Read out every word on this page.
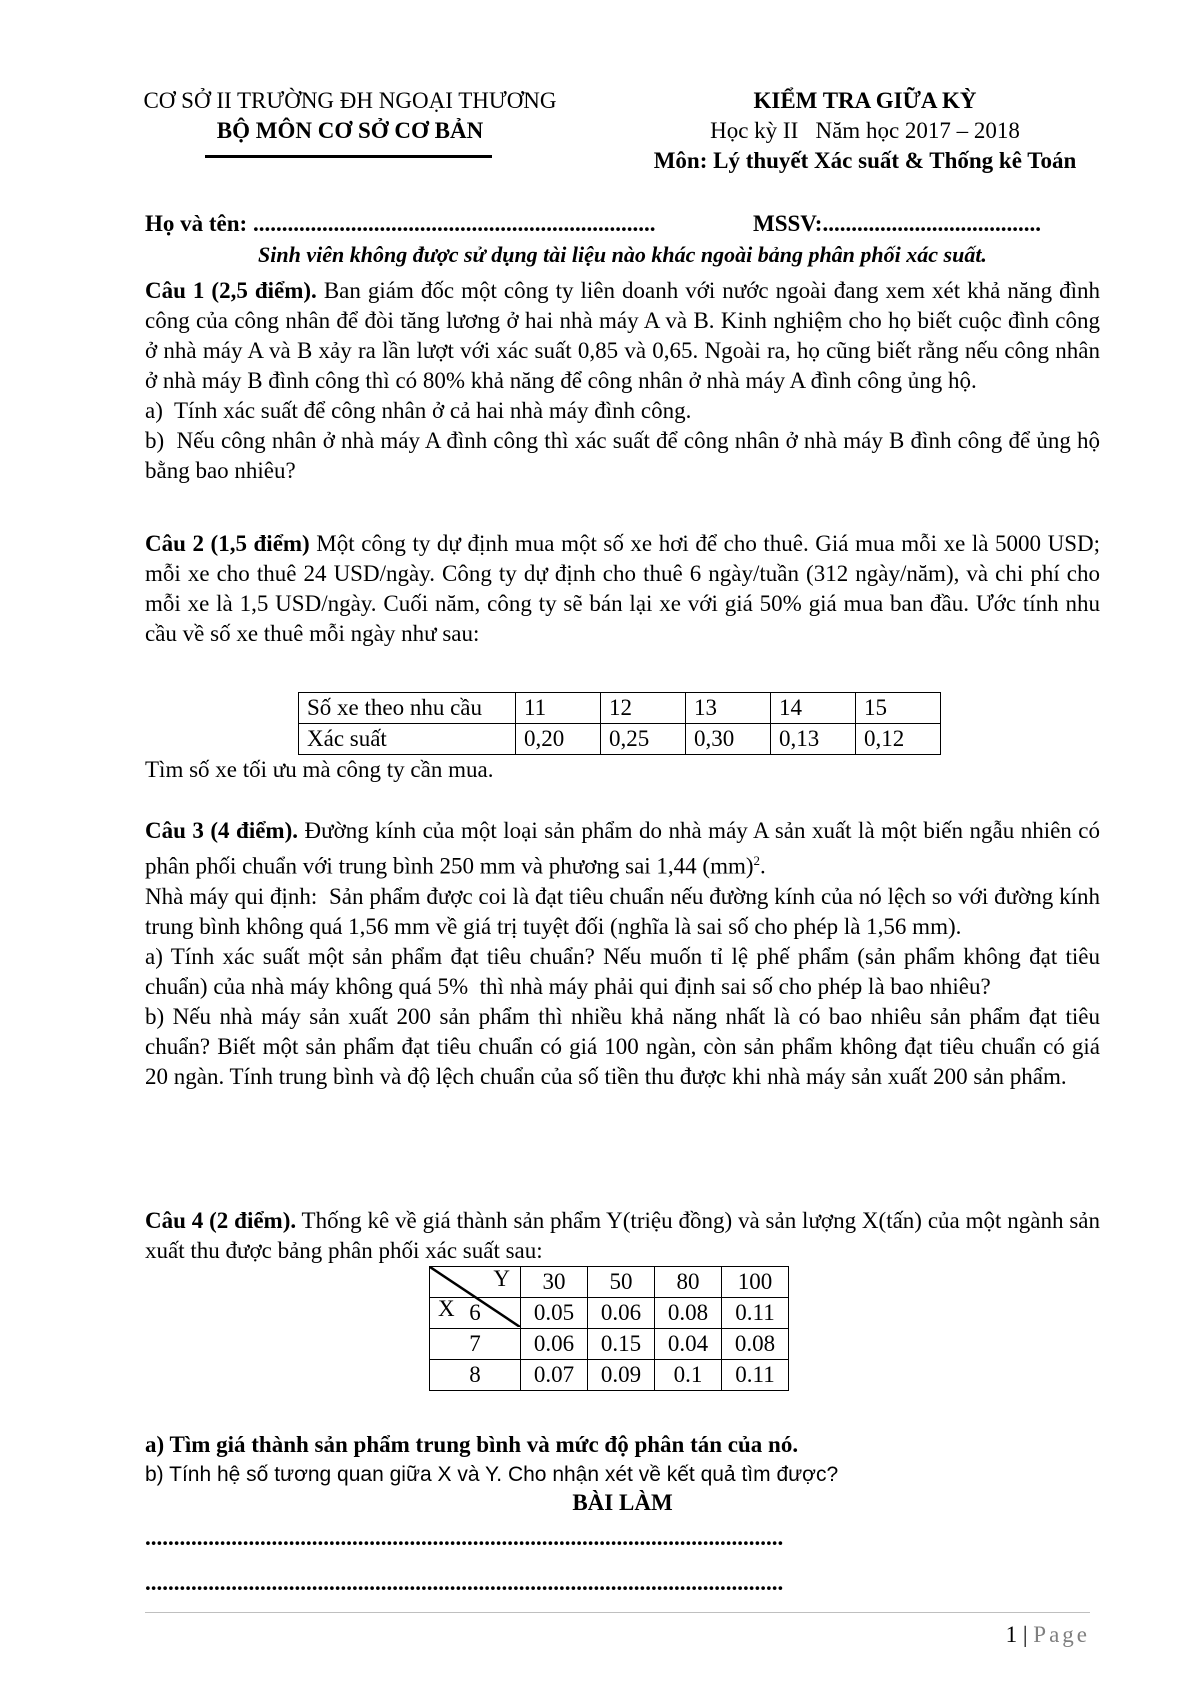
CƠ SỞ II TRƯỜNG ĐH NGOẠI THƯƠNG
BỘ MÔN CƠ SỞ CƠ BẢN
KIỂM TRA GIỮA KỲ
Học kỳ II   Năm học 2017 – 2018
Môn: Lý thuyết Xác suất & Thống kê Toán
Họ và tên: ......................................................................	MSSV:......................................
Sinh viên không được sử dụng tài liệu nào khác ngoài bảng phân phối xác suất.

Câu 1 (2,5 điểm). Ban giám đốc một công ty liên doanh với nước ngoài đang xem xét khả năng đình công của công nhân để đòi tăng lương ở hai nhà máy A và B. Kinh nghiệm cho họ biết cuộc đình công ở nhà máy A và B xảy ra lần lượt với xác suất 0,85 và 0,65. Ngoài ra, họ cũng biết rằng nếu công nhân ở nhà máy B đình công thì có 80% khả năng để công nhân ở nhà máy A đình công ủng hộ.

a)  Tính xác suất để công nhân ở cả hai nhà máy đình công.

b)  Nếu công nhân ở nhà máy A đình công thì xác suất để công nhân ở nhà máy B đình công để ủng hộ bằng bao nhiêu?

Câu 2 (1,5 điểm) Một công ty dự định mua một số xe hơi để cho thuê. Giá mua mỗi xe là 5000 USD; mỗi xe cho thuê 24 USD/ngày. Công ty dự định cho thuê 6 ngày/tuần (312 ngày/năm), và chi phí cho mỗi xe là 1,5 USD/ngày. Cuối năm, công ty sẽ bán lại xe với giá 50% giá mua ban đầu. Ước tính nhu cầu về số xe thuê mỗi ngày như sau:

Số xe theo nhu cầu	11	12	13	14	15
Xác suất	0,20	0,25	0,30	0,13	0,12

Tìm số xe tối ưu mà công ty cần mua.

Câu 3 (4 điểm). Đường kính của một loại sản phẩm do nhà máy A sản xuất là một biến ngẫu nhiên có phân phối chuẩn với trung bình 250 mm và phương sai 1,44 (mm)$^2$.

Nhà máy qui định:  Sản phẩm được coi là đạt tiêu chuẩn nếu đường kính của nó lệch so với đường kính trung bình không quá 1,56 mm về giá trị tuyệt đối (nghĩa là sai số cho phép là 1,56 mm).

a) Tính xác suất một sản phẩm đạt tiêu chuẩn? Nếu muốn tỉ lệ phế phẩm (sản phẩm không đạt tiêu chuẩn) của nhà máy không quá 5%  thì nhà máy phải qui định sai số cho phép là bao nhiêu?

b) Nếu nhà máy sản xuất 200 sản phẩm thì nhiều khả năng nhất là có bao nhiêu sản phẩm đạt tiêu chuẩn? Biết một sản phẩm đạt tiêu chuẩn có giá 100 ngàn, còn sản phẩm không đạt tiêu chuẩn có giá 20 ngàn. Tính trung bình và độ lệch chuẩn của số tiền thu được khi nhà máy sản xuất 200 sản phẩm.

Câu 4 (2 điểm). Thống kê về giá thành sản phẩm Y(triệu đồng) và sản lượng X(tấn) của một ngành sản xuất thu được bảng phân phối xác suất sau:

Y
X	30	50	80	100
6	0.05	0.06	0.08	0.11
7	0.06	0.15	0.04	0.08
8	0.07	0.09	0.1	0.11

a) Tìm giá thành sản phẩm trung bình và mức độ phân tán của nó.

b) Tính hệ số tương quan giữa X và Y. Cho nhận xét về kết quả tìm được?

BÀI LÀM
...............................................................................................................
...............................................................................................................
1 | Page
